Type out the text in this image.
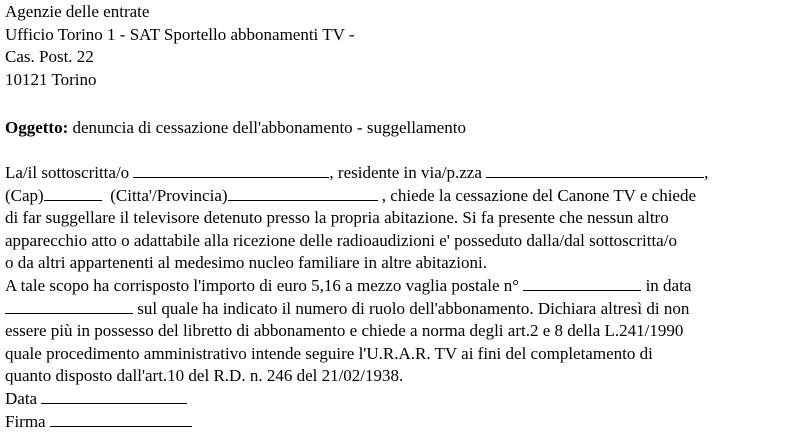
Agenzie delle entrate
Ufficio Torino 1 - SAT Sportello abbonamenti TV -
Cas. Post. 22
10121 Torino
Oggetto: denuncia di cessazione dell'abbonamento - suggellamento
La/il sottoscritta/o	, residente in via/p.zza	,
(Cap)	(Citta'/Provincia)	, chiede la cessazione del Canone TV e chiede
di far suggellare il televisore detenuto presso la propria abitazione. Si fa presente che nessun altro
apparecchio atto o adattabile alla ricezione delle radioaudizioni e' posseduto dalla/dal sottoscritta/o
o da altri appartenenti al medesimo nucleo familiare in altre abitazioni.
A tale scopo ha corrisposto l'importo di euro 5,16 a mezzo vaglia postale n°	in data
sul quale ha indicato il numero di ruolo dell'abbonamento. Dichiara altresì di non
essere più in possesso del libretto di abbonamento e chiede a norma degli art.2 e 8 della L.241/1990
quale procedimento amministrativo intende seguire l'U.R.A.R. TV ai fini del completamento di
quanto disposto dall'art.10 del R.D. n. 246 del 21/02/1938.
Data
Firma
